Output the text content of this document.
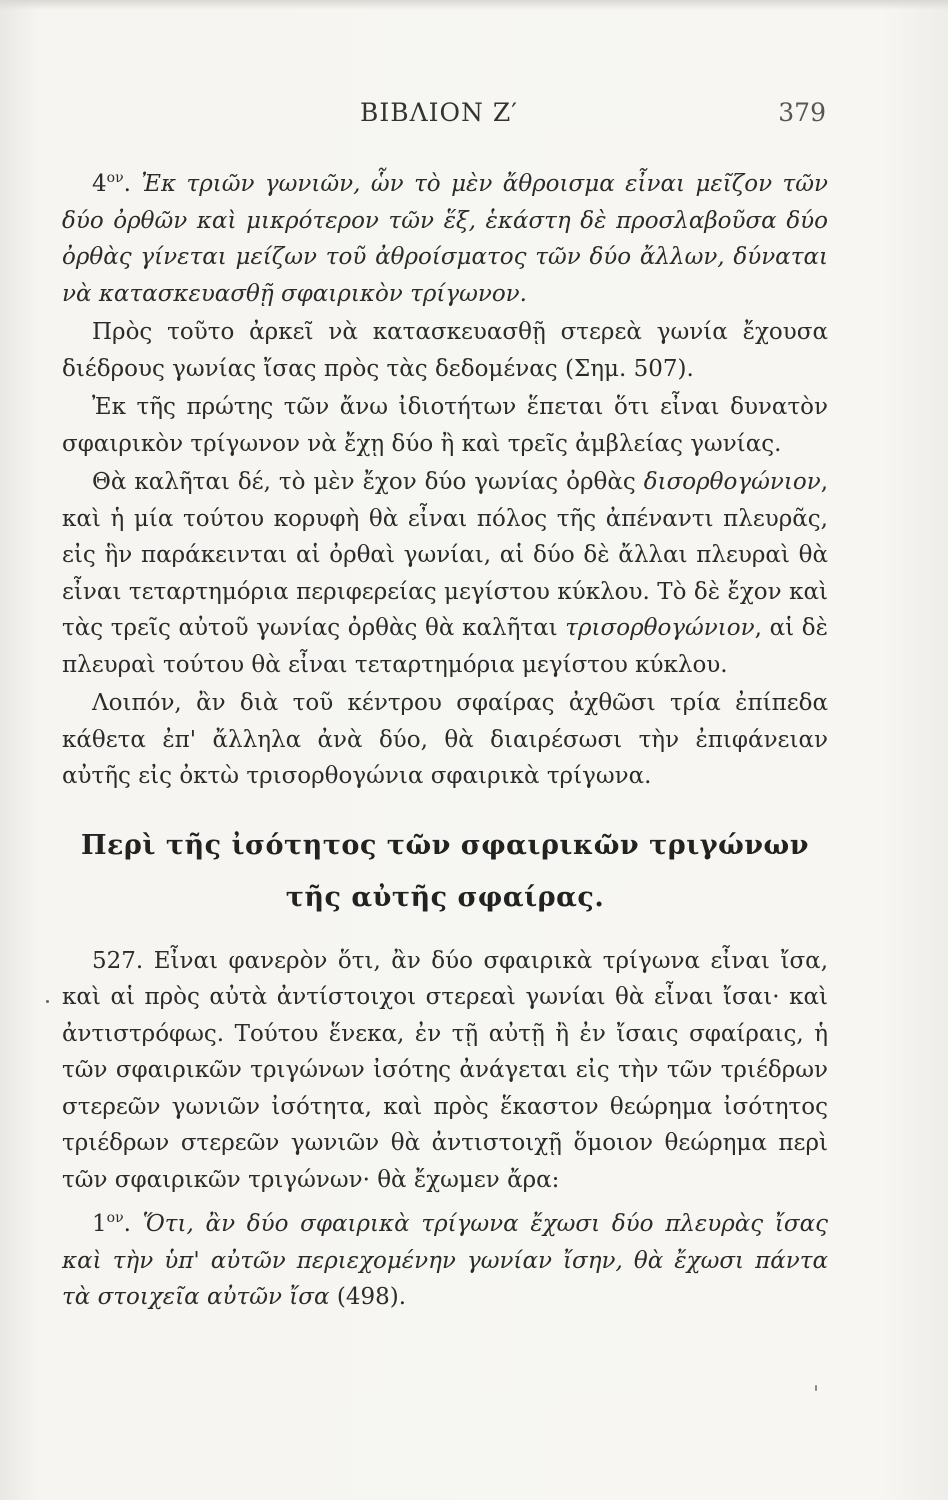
ΒΙΒΛΙΟΝ Ζ′	379

$4^{o\nu}$. Ἐκ τριῶν γωνιῶν, ὧν τὸ μὲν ἄθροισμα εἶναι μεῖζον τῶν δύο ὀρθῶν καὶ μικρότερον τῶν ἕξ, ἑκάστη δὲ προσλαβοῦσα δύο ὀρθὰς γίνεται μείζων τοῦ ἀθροίσματος τῶν δύο ἄλλων, δύναται νὰ κατασκευασθῇ σφαιρικὸν τρίγωνον.

Πρὸς τοῦτο ἀρκεῖ νὰ κατασκευασθῇ στερεὰ γωνία ἔχουσα διέδρους γωνίας ἴσας πρὸς τὰς δεδομένας (Σημ. 507).

Ἐκ τῆς πρώτης τῶν ἄνω ἰδιοτήτων ἕπεται ὅτι εἶναι δυνατὸν σφαιρικὸν τρίγωνον νὰ ἔχῃ δύο ἢ καὶ τρεῖς ἀμβλείας γωνίας.

Θὰ καλῆται δέ, τὸ μὲν ἔχον δύο γωνίας ὀρθὰς δισορθογώνιον, καὶ ἡ μία τούτου κορυφὴ θὰ εἶναι πόλος τῆς ἀπέναντι πλευρᾶς, εἰς ἣν παράκεινται αἱ ὀρθαὶ γωνίαι, αἱ δύο δὲ ἄλλαι πλευραὶ θὰ εἶναι τεταρτημόρια περιφερείας μεγίστου κύκλου. Τὸ δὲ ἔχον καὶ τὰς τρεῖς αὐτοῦ γωνίας ὀρθὰς θὰ καλῆται τρισορθογώνιον, αἱ δὲ πλευραὶ τούτου θὰ εἶναι τεταρτημόρια μεγίστου κύκλου.

Λοιπόν, ἂν διὰ τοῦ κέντρου σφαίρας ἀχθῶσι τρία ἐπίπεδα κάθετα ἐπ' ἄλληλα ἀνὰ δύο, θὰ διαιρέσωσι τὴν ἐπιφάνειαν αὐτῆς εἰς ὀκτὼ τρισορθογώνια σφαιρικὰ τρίγωνα.

Περὶ τῆς ἰσότητος τῶν σφαιρικῶν τριγώνων
τῆς αὐτῆς σφαίρας.

527. Εἶναι φανερὸν ὅτι, ἂν δύο σφαιρικὰ τρίγωνα εἶναι ἴσα, καὶ αἱ πρὸς αὐτὰ ἀντίστοιχοι στερεαὶ γωνίαι θὰ εἶναι ἴσαι· καὶ ἀντιστρόφως. Τούτου ἕνεκα, ἐν τῇ αὐτῇ ἢ ἐν ἴσαις σφαίραις, ἡ τῶν σφαιρικῶν τριγώνων ἰσότης ἀνάγεται εἰς τὴν τῶν τριέδρων στερεῶν γωνιῶν ἰσότητα, καὶ πρὸς ἕκαστον θεώρημα ἰσότητος τριέδρων στερεῶν γωνιῶν θὰ ἀντιστοιχῇ ὅμοιον θεώρημα περὶ τῶν σφαιρικῶν τριγώνων· θὰ ἔχωμεν ἄρα:

$1^{o\nu}$. Ὅτι, ἂν δύο σφαιρικὰ τρίγωνα ἔχωσι δύο πλευρὰς ἴσας καὶ τὴν ὑπ' αὐτῶν περιεχομένην γωνίαν ἴσην, θὰ ἔχωσι πάντα τὰ στοιχεῖα αὐτῶν ἴσα (498).
